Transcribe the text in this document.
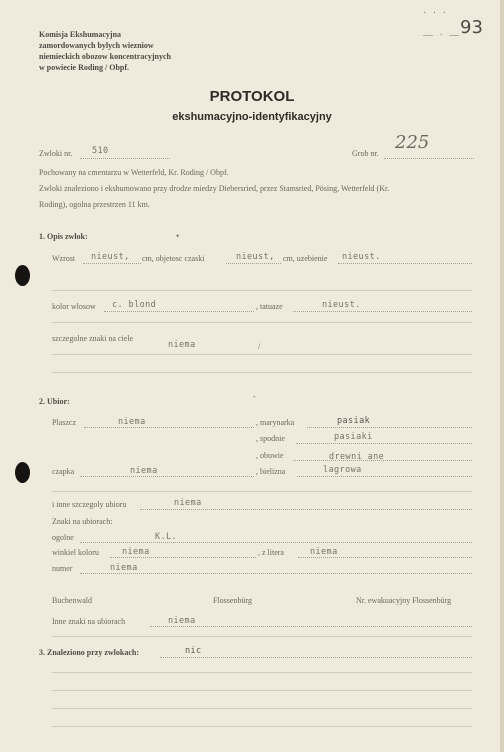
· · ·
— · —
93
Komisja Ekshumacyjna
zamordowanych bylych wiezniow
niemieckich obozow koncentracyjnych
w powiecie Roding / Obpf.
PROTOKOL
ekshumacyjno-identyfikacyjny
Zwloki nr. 510	Grob nr.
225
Pochowany na cmentarzu w Wetterfeld, Kr. Roding / Obpf.
Zwloki znaleziono i ekshumowano przy drodze miedzy Diebersried, przez Stamsried, Pösing, Wetterfeld (Kr.
Roding), ogolna przestrzen 11 km.
1. Opis zwlok:	•
Wzrost nieust, cm, objetosc czaski	nieust, cm, uzebienie nieust.
kolor wlosow c. blond	, tatuaze	nieust.
szczegolne znaki na ciele
niema	/
2. Ubior:
-
Plaszcz	niema	, marynarka	pasiak
, spodnie	pasiaki
, obuwie	drewni ane
czapka	niema	, bielizna	lagrowa
i inne szczegoly ubioru	niema
Znaki na ubiorach:
ogolne	K.L.
winkiel koloru	niema	, z litera	niema
numer	niema
Buchenwald	Flossenbürg	Nr. ewakuacyjny Flossenbürg
Inne znaki na ubiorach	niema
3. Znaleziono przy zwlokach:	nic
